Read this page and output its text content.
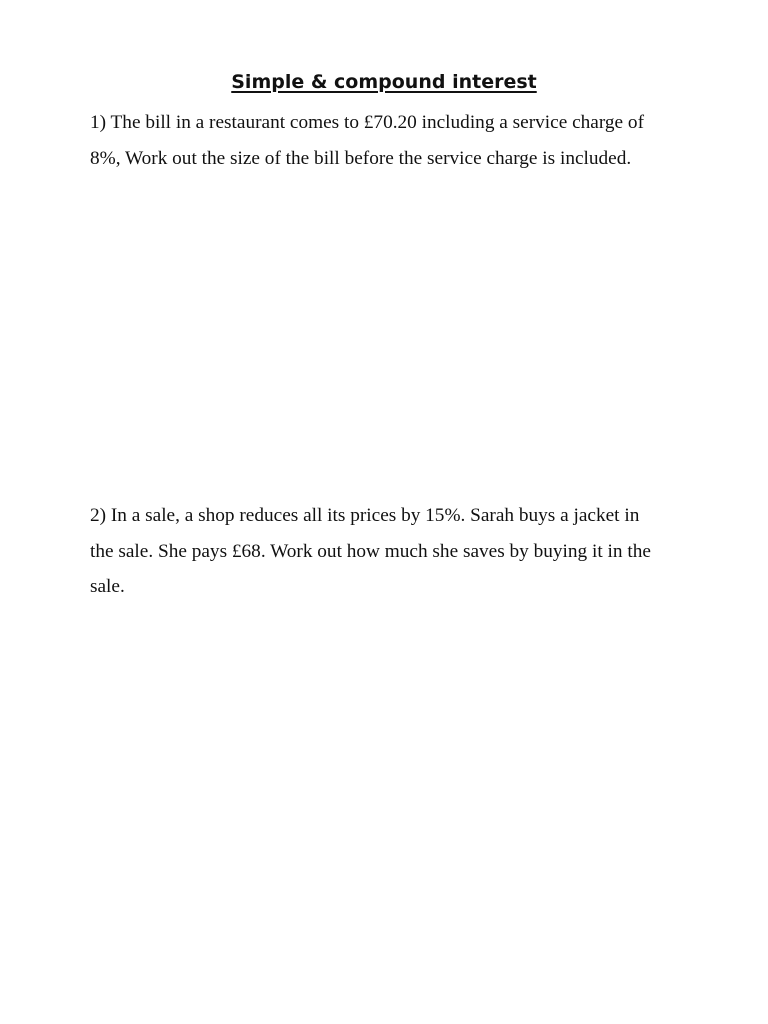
Simple & compound interest
1) The bill in a restaurant comes to £70.20 including a service charge of
8%, Work out the size of the bill before the service charge is included.
2) In a sale, a shop reduces all its prices by 15%. Sarah buys a jacket in
the sale. She pays £68. Work out how much she saves by buying it in the
sale.
